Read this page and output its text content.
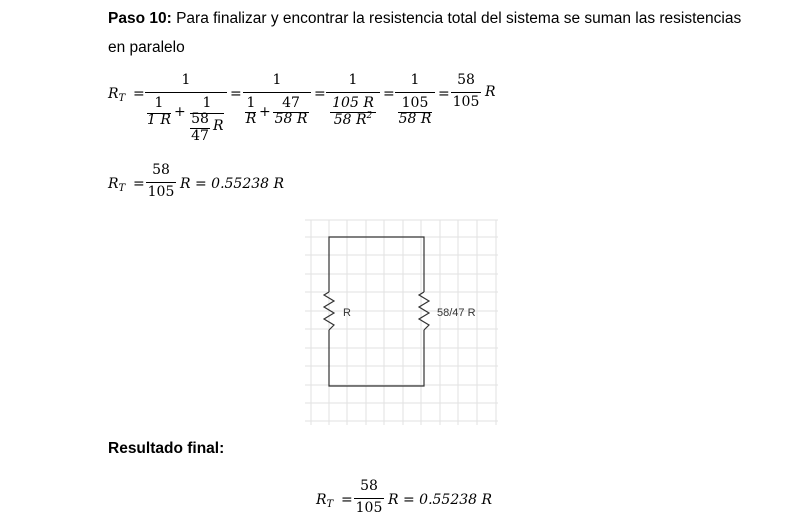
Paso 10: Para finalizar y encontrar la resistencia total del sistema se suman las resistencias en paralelo
$R_T$ =
1
1
1 R +
1
58
47
R
=
1
1
R +
47
58 R
=
1
105 R
58 $R^2$
=
1
105
58 R
=
58
105
R
$R_T$ =
58
105 R = 0.55238 R
R	58/47 R
Resultado final:
$R_T$ =
58
105 R = 0.55238 R
